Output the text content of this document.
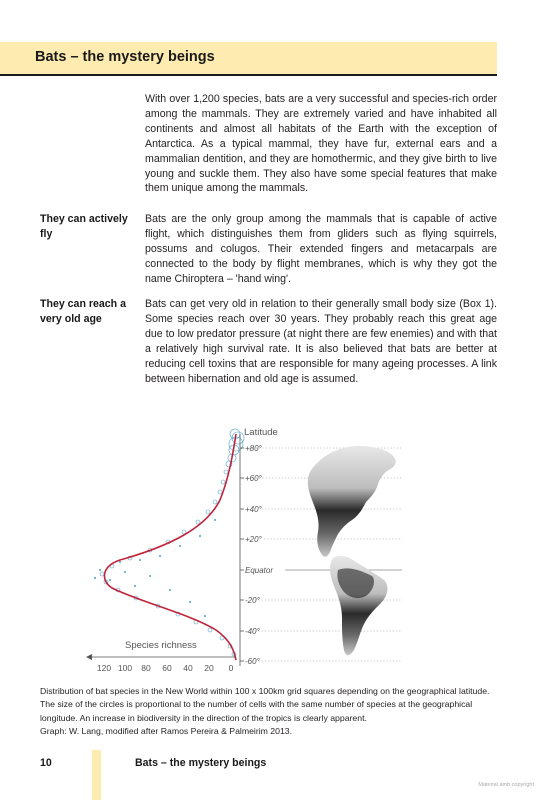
Bats – the mystery beings

With over 1,200 species, bats are a very successful and species-rich order among the mammals. They are extremely varied and have inhabited all continents and almost all habitats of the Earth with the exception of Antarctica. As a typical mammal, they have fur, external ears and a mammalian dentition, and they are homothermic, and they give birth to live young and suckle them. They also have some special features that make them unique among the mammals.

They can actively fly

Bats are the only group among the mammals that is capable of active flight, which distinguishes them from gliders such as flying squirrels, possums and colugos. Their extended fingers and metacarpals are connected to the body by flight membranes, which is why they got the name Chiroptera – 'hand wing'.

They can reach a very old age

Bats can get very old in relation to their generally small body size (Box 1). Some species reach over 30 years. They probably reach this great age due to low predator pressure (at night there are few enemies) and with that a relatively high survival rate. It is also believed that bats are better at reducing cell toxins that are responsible for many ageing processes. A link between hibernation and old age is assumed.

Latitude
+80°
+60°
+40°
+20°
Equator
-20°
-40°
-60°
Species richness
120 100 80 60 40 20 0

Distribution of bat species in the New World within 100 x 100km grid squares depending on the geographical latitude. The size of the circles is proportional to the number of cells with the same number of species at the geographical longitude. An increase in biodiversity in the direction of the tropics is clearly apparent.
Graph: W. Lang, modified after Ramos Pereira & Palmeirim 2013.

10	Bats – the mystery beings
Material amb copyright
